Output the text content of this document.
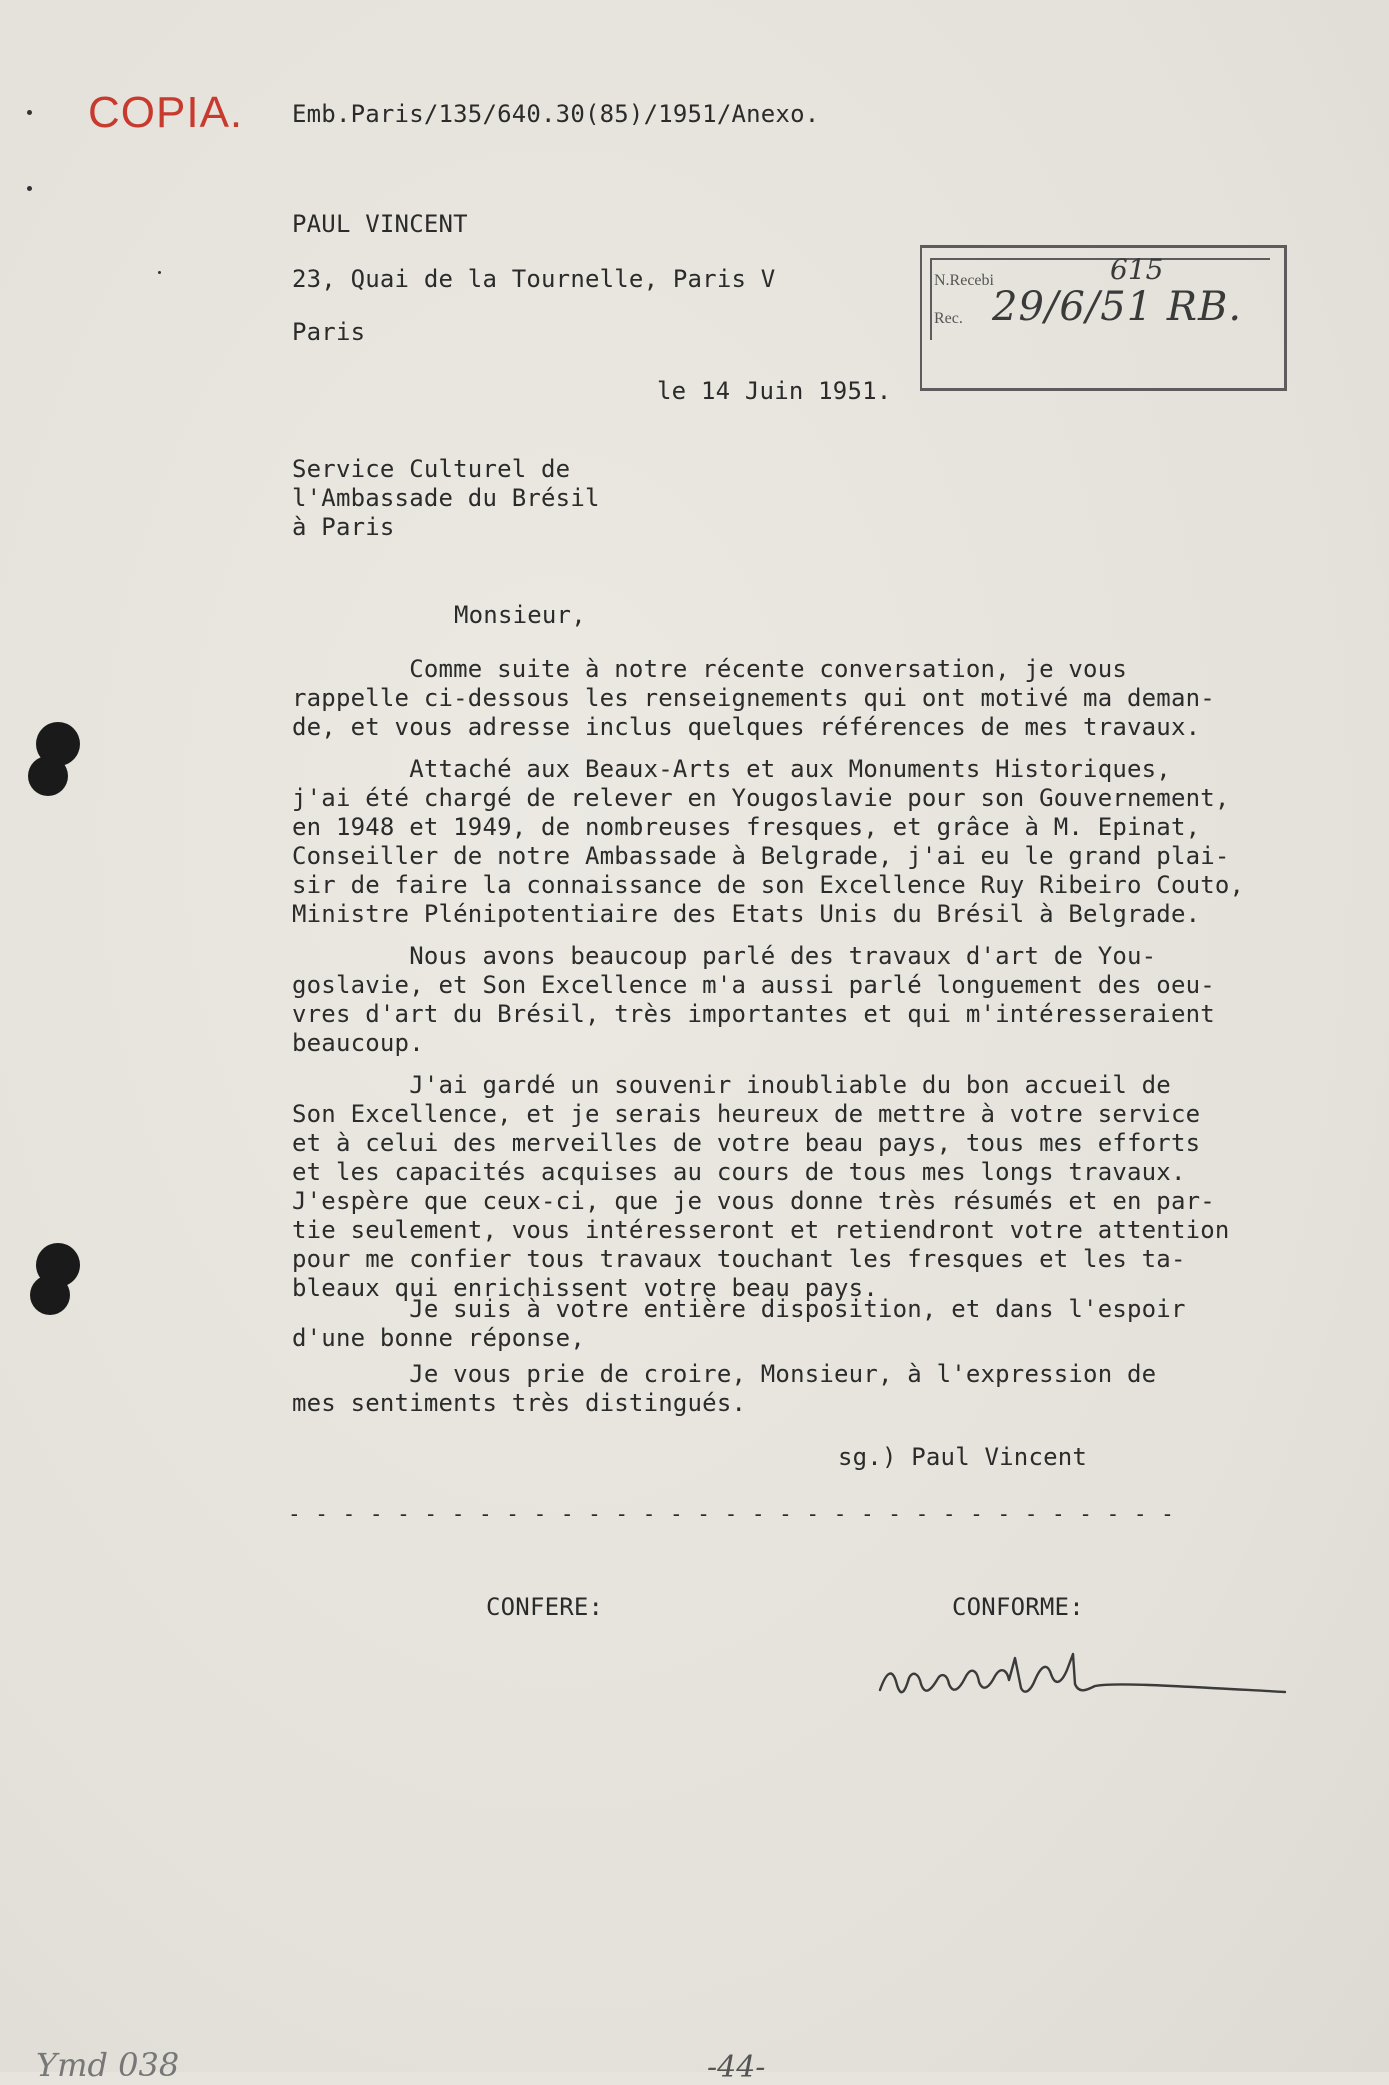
COPIA. Emb.Paris/135/640.30(85)/1951/Anexo.
PAUL VINCENT
23, Quai de la Tournelle, Paris V
Paris
N.Recebi
Rec.
615
29/6/51 RB.
le 14 Juin 1951.
Service Culturel de
l'Ambassade du Brésil
à Paris
Monsieur,
Comme suite à notre récente conversation, je vous
rappelle ci-dessous les renseignements qui ont motivé ma deman-
de, et vous adresse inclus quelques références de mes travaux.
Attaché aux Beaux-Arts et aux Monuments Historiques,
j'ai été chargé de relever en Yougoslavie pour son Gouvernement,
en 1948 et 1949, de nombreuses fresques, et grâce à M. Epinat,
Conseiller de notre Ambassade à Belgrade, j'ai eu le grand plai-
sir de faire la connaissance de son Excellence Ruy Ribeiro Couto,
Ministre Plénipotentiaire des Etats Unis du Brésil à Belgrade.
Nous avons beaucoup parlé des travaux d'art de You-
goslavie, et Son Excellence m'a aussi parlé longuement des oeu-
vres d'art du Brésil, très importantes et qui m'intéresseraient
beaucoup.
J'ai gardé un souvenir inoubliable du bon accueil de
Son Excellence, et je serais heureux de mettre à votre service
et à celui des merveilles de votre beau pays, tous mes efforts
et les capacités acquises au cours de tous mes longs travaux.
J'espère que ceux-ci, que je vous donne très résumés et en par-
tie seulement, vous intéresseront et retiendront votre attention
pour me confier tous travaux touchant les fresques et les ta-
bleaux qui enrichissent votre beau pays.
Je suis à votre entière disposition, et dans l'espoir
d'une bonne réponse,
Je vous prie de croire, Monsieur, à l'expression de
mes sentiments très distingués.
sg.) Paul Vincent
- - - - - - - - - - - - - - - - - - - - - - - - - - - - - - - - -
CONFERE:	CONFORME:
Ymd 038	-44-
